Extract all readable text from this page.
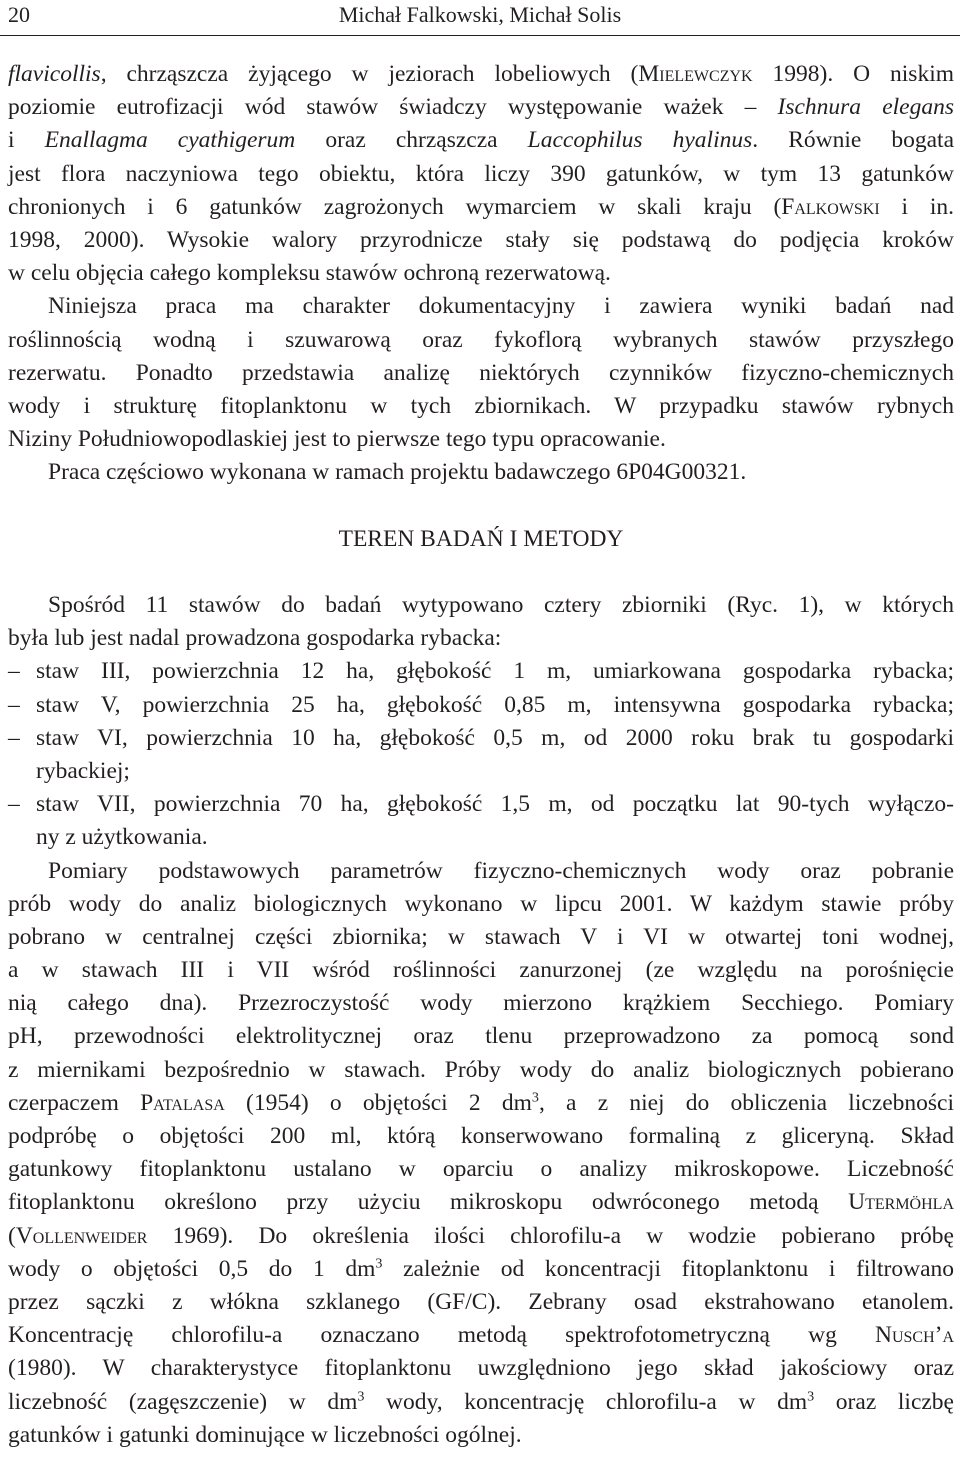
20	Michał Falkowski, Michał Solis
flavicollis, chrząszcza żyjącego w jeziorach lobeliowych (Mielewczyk 1998). O niskim
poziomie eutrofizacji wód stawów świadczy występowanie ważek – Ischnura elegans
i Enallagma cyathigerum oraz chrząszcza Laccophilus hyalinus. Równie bogata
jest flora naczyniowa tego obiektu, która liczy 390 gatunków, w tym 13 gatunków
chronionych i 6 gatunków zagrożonych wymarciem w skali kraju (Falkowski i in.
1998, 2000). Wysokie walory przyrodnicze stały się podstawą do podjęcia kroków
w celu objęcia całego kompleksu stawów ochroną rezerwatową.
Niniejsza praca ma charakter dokumentacyjny i zawiera wyniki badań nad
roślinnością wodną i szuwarową oraz fykoflorą wybranych stawów przyszłego
rezerwatu. Ponadto przedstawia analizę niektórych czynników fizyczno-chemicznych
wody i strukturę fitoplanktonu w tych zbiornikach. W przypadku stawów rybnych
Niziny Południowopodlaskiej jest to pierwsze tego typu opracowanie.
Praca częściowo wykonana w ramach projektu badawczego 6P04G00321.
TEREN BADAŃ I METODY
Spośród 11 stawów do badań wytypowano cztery zbiorniki (Ryc. 1), w których
była lub jest nadal prowadzona gospodarka rybacka:
– staw III, powierzchnia 12 ha, głębokość 1 m, umiarkowana gospodarka rybacka;
– staw V, powierzchnia 25 ha, głębokość 0,85 m, intensywna gospodarka rybacka;
– staw VI, powierzchnia 10 ha, głębokość 0,5 m, od 2000 roku brak tu gospodarki
rybackiej;
– staw VII, powierzchnia 70 ha, głębokość 1,5 m, od początku lat 90-tych wyłączo-
ny z użytkowania.
Pomiary podstawowych parametrów fizyczno-chemicznych wody oraz pobranie
prób wody do analiz biologicznych wykonano w lipcu 2001. W każdym stawie próby
pobrano w centralnej części zbiornika; w stawach V i VI w otwartej toni wodnej,
a w stawach III i VII wśród roślinności zanurzonej (ze względu na porośnięcie
nią całego dna). Przezroczystość wody mierzono krążkiem Secchiego. Pomiary
pH, przewodności elektrolitycznej oraz tlenu przeprowadzono za pomocą sond
z miernikami bezpośrednio w stawach. Próby wody do analiz biologicznych pobierano
czerpaczem Patalasa (1954) o objętości 2 $dm^3$, a z niej do obliczenia liczebności
podpróbę o objętości 200 ml, którą konserwowano formaliną z gliceryną. Skład
gatunkowy fitoplanktonu ustalano w oparciu o analizy mikroskopowe. Liczebność
fitoplanktonu określono przy użyciu mikroskopu odwróconego metodą Utermöhla
(Vollenweider 1969). Do określenia ilości chlorofilu-a w wodzie pobierano próbę
wody o objętości 0,5 do 1 $dm^3$ zależnie od koncentracji fitoplanktonu i filtrowano
przez sączki z włókna szklanego (GF/C). Zebrany osad ekstrahowano etanolem.
Koncentrację chlorofilu-a oznaczano metodą spektrofotometryczną wg Nusch’a
(1980). W charakterystyce fitoplanktonu uwzględniono jego skład jakościowy oraz
liczebność (zagęszczenie) w $dm^3$ wody, koncentrację chlorofilu-a w $dm^3$ oraz liczbę
gatunków i gatunki dominujące w liczebności ogólnej.
